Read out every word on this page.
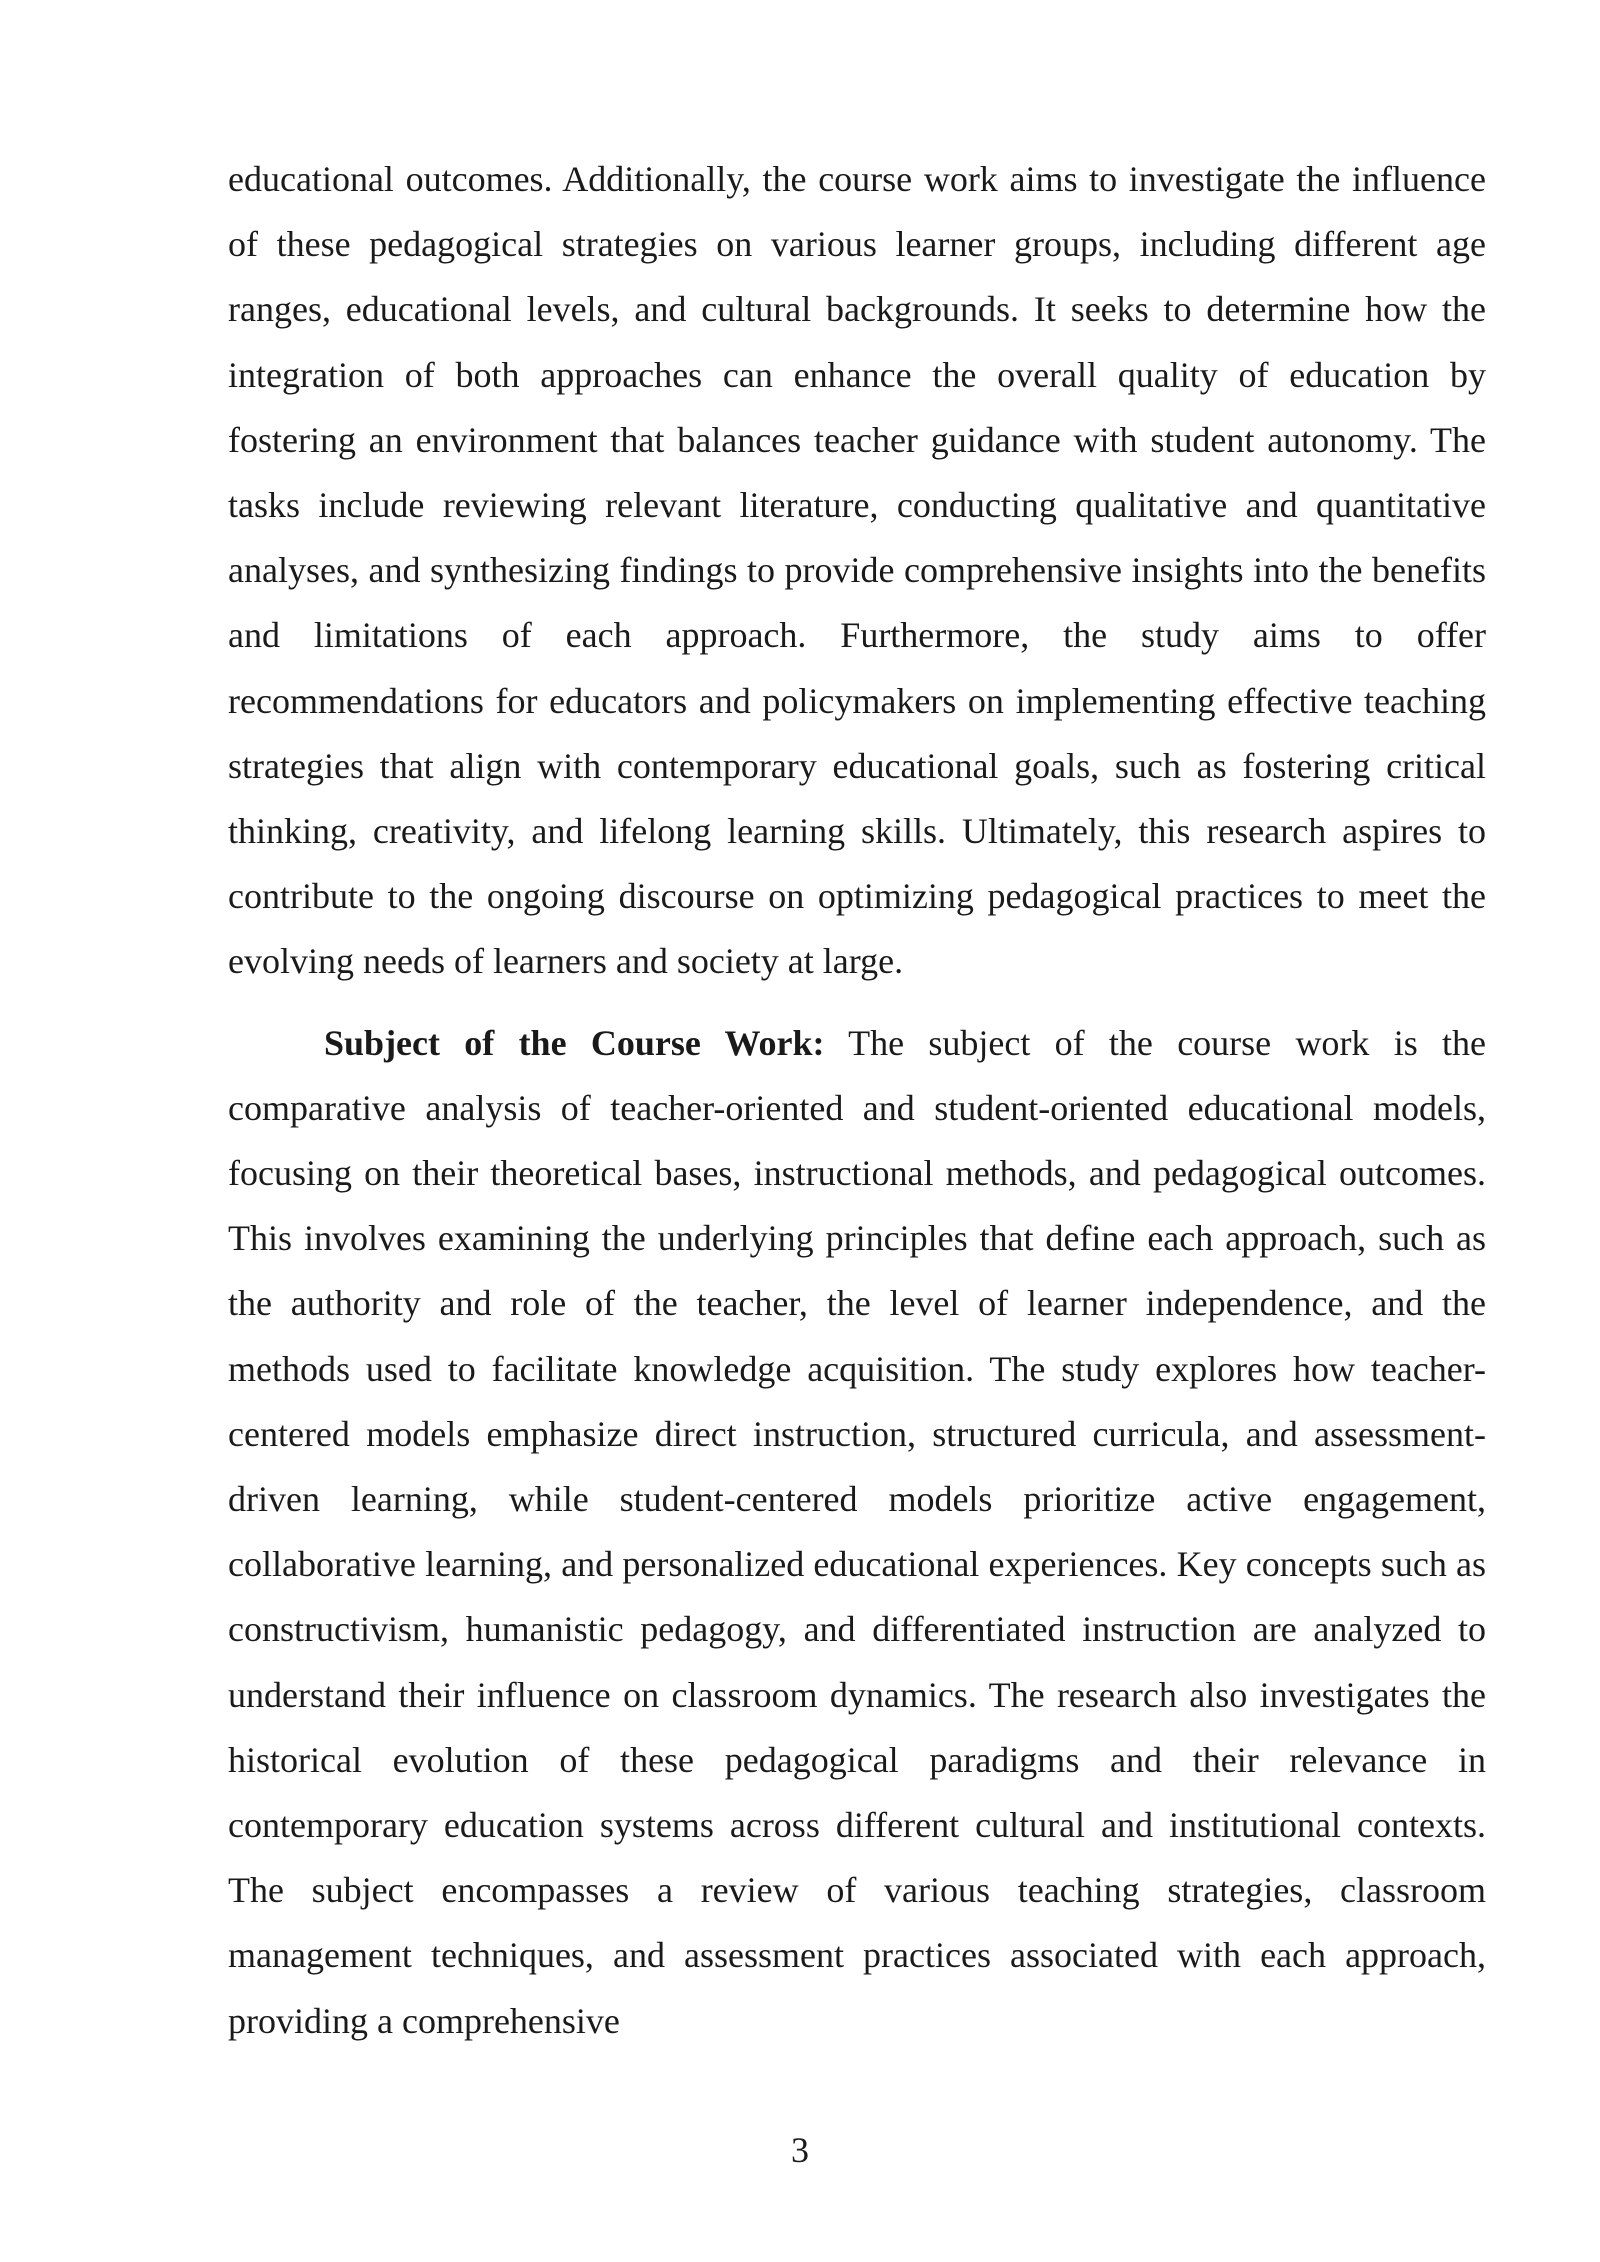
educational outcomes. Additionally, the course work aims to investigate the influence of these pedagogical strategies on various learner groups, including different age ranges, educational levels, and cultural backgrounds. It seeks to determine how the integration of both approaches can enhance the overall quality of education by fostering an environment that balances teacher guidance with student autonomy. The tasks include reviewing relevant literature, conducting qualitative and quantitative analyses, and synthesizing findings to provide comprehensive insights into the benefits and limitations of each approach. Furthermore, the study aims to offer recommendations for educators and policymakers on implementing effective teaching strategies that align with contemporary educational goals, such as fostering critical thinking, creativity, and lifelong learning skills. Ultimately, this research aspires to contribute to the ongoing discourse on optimizing pedagogical practices to meet the evolving needs of learners and society at large.

Subject of the Course Work: The subject of the course work is the comparative analysis of teacher-oriented and student-oriented educational models, focusing on their theoretical bases, instructional methods, and pedagogical outcomes. This involves examining the underlying principles that define each approach, such as the authority and role of the teacher, the level of learner independence, and the methods used to facilitate knowledge acquisition. The study explores how teacher-centered models emphasize direct instruction, structured curricula, and assessment-driven learning, while student-centered models prioritize active engagement, collaborative learning, and personalized educational experiences. Key concepts such as constructivism, humanistic pedagogy, and differentiated instruction are analyzed to understand their influence on classroom dynamics. The research also investigates the historical evolution of these pedagogical paradigms and their relevance in contemporary education systems across different cultural and institutional contexts. The subject encompasses a review of various teaching strategies, classroom management techniques, and assessment practices associated with each approach, providing a comprehensive

3
